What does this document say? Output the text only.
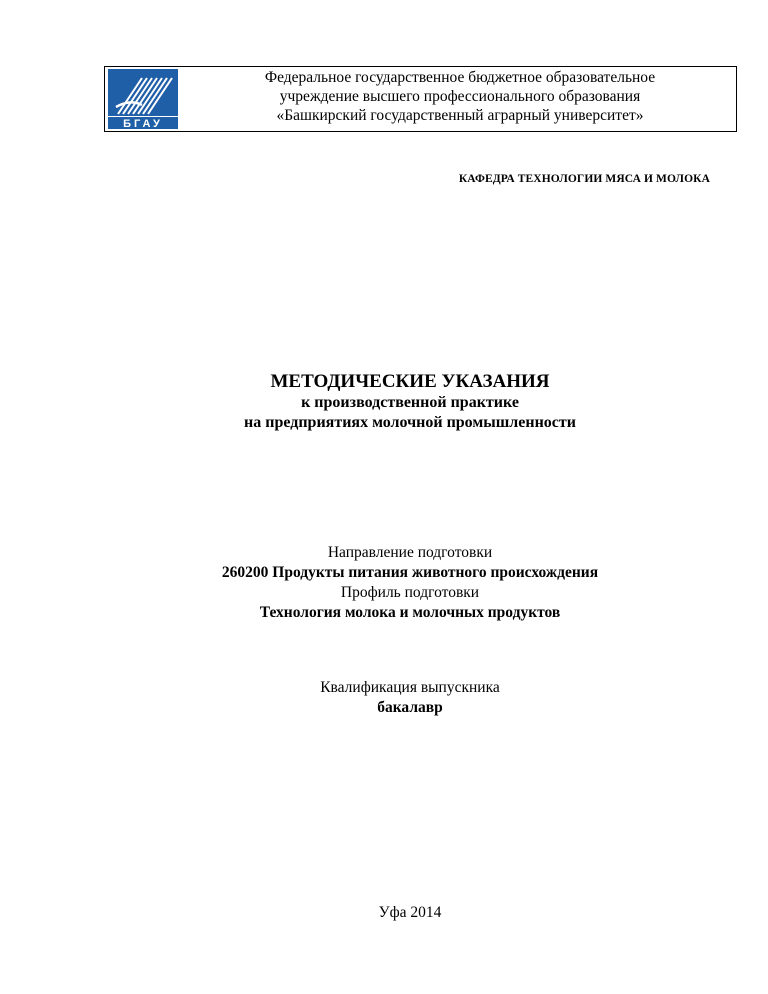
БГАУ
Федеральное государственное бюджетное образовательное
учреждение высшего профессионального образования
«Башкирский государственный аграрный университет»
КАФЕДРА ТЕХНОЛОГИИ МЯСА И МОЛОКА
МЕТОДИЧЕСКИЕ УКАЗАНИЯ
к производственной практике
на предприятиях молочной промышленности
Направление подготовки
260200 Продукты питания животного происхождения
Профиль подготовки
Технология молока и молочных продуктов
Квалификация выпускника
бакалавр
Уфа 2014
